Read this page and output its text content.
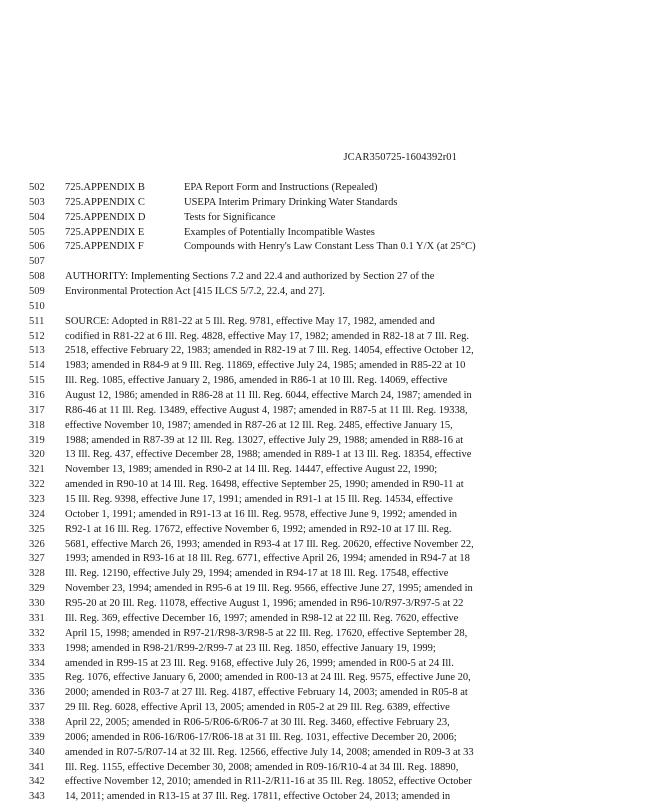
JCAR350725-1604392r01
502	725.APPENDIX B	EPA Report Form and Instructions (Repealed)
503	725.APPENDIX C	USEPA Interim Primary Drinking Water Standards
504	725.APPENDIX D	Tests for Significance
505	725.APPENDIX E	Examples of Potentially Incompatible Wastes
506	725.APPENDIX F	Compounds with Henry's Law Constant Less Than 0.1 Y/X (at 25°C)
507
508	AUTHORITY: Implementing Sections 7.2 and 22.4 and authorized by Section 27 of the
509	Environmental Protection Act [415 ILCS 5/7.2, 22.4, and 27].
510
511	SOURCE: Adopted in R81-22 at 5 Ill. Reg. 9781, effective May 17, 1982, amended and
512	codified in R81-22 at 6 Ill. Reg. 4828, effective May 17, 1982; amended in R82-18 at 7 Ill. Reg.
513	2518, effective February 22, 1983; amended in R82-19 at 7 Ill. Reg. 14054, effective October 12,
514	1983; amended in R84-9 at 9 Ill. Reg. 11869, effective July 24, 1985; amended in R85-22 at 10
515	Ill. Reg. 1085, effective January 2, 1986, amended in R86-1 at 10 Ill. Reg. 14069, effective
316	August 12, 1986; amended in R86-28 at 11 Ill. Reg. 6044, effective March 24, 1987; amended in
317	R86-46 at 11 Ill. Reg. 13489, effective August 4, 1987; amended in R87-5 at 11 Ill. Reg. 19338,
318	effective November 10, 1987; amended in R87-26 at 12 Ill. Reg. 2485, effective January 15,
319	1988; amended in R87-39 at 12 Ill. Reg. 13027, effective July 29, 1988; amended in R88-16 at
320	13 Ill. Reg. 437, effective December 28, 1988; amended in R89-1 at 13 Ill. Reg. 18354, effective
321	November 13, 1989; amended in R90-2 at 14 Ill. Reg. 14447, effective August 22, 1990;
322	amended in R90-10 at 14 Ill. Reg. 16498, effective September 25, 1990; amended in R90-11 at
323	15 Ill. Reg. 9398, effective June 17, 1991; amended in R91-1 at 15 Ill. Reg. 14534, effective
324	October 1, 1991; amended in R91-13 at 16 Ill. Reg. 9578, effective June 9, 1992; amended in
325	R92-1 at 16 Ill. Reg. 17672, effective November 6, 1992; amended in R92-10 at 17 Ill. Reg.
326	5681, effective March 26, 1993; amended in R93-4 at 17 Ill. Reg. 20620, effective November 22,
327	1993; amended in R93-16 at 18 Ill. Reg. 6771, effective April 26, 1994; amended in R94-7 at 18
328	Ill. Reg. 12190, effective July 29, 1994; amended in R94-17 at 18 Ill. Reg. 17548, effective
329	November 23, 1994; amended in R95-6 at 19 Ill. Reg. 9566, effective June 27, 1995; amended in
330	R95-20 at 20 Ill. Reg. 11078, effective August 1, 1996; amended in R96-10/R97-3/R97-5 at 22
331	Ill. Reg. 369, effective December 16, 1997; amended in R98-12 at 22 Ill. Reg. 7620, effective
332	April 15, 1998; amended in R97-21/R98-3/R98-5 at 22 Ill. Reg. 17620, effective September 28,
333	1998; amended in R98-21/R99-2/R99-7 at 23 Ill. Reg. 1850, effective January 19, 1999;
334	amended in R99-15 at 23 Ill. Reg. 9168, effective July 26, 1999; amended in R00-5 at 24 Ill.
335	Reg. 1076, effective January 6, 2000; amended in R00-13 at 24 Ill. Reg. 9575, effective June 20,
336	2000; amended in R03-7 at 27 Ill. Reg. 4187, effective February 14, 2003; amended in R05-8 at
337	29 Ill. Reg. 6028, effective April 13, 2005; amended in R05-2 at 29 Ill. Reg. 6389, effective
338	April 22, 2005; amended in R06-5/R06-6/R06-7 at 30 Ill. Reg. 3460, effective February 23,
339	2006; amended in R06-16/R06-17/R06-18 at 31 Ill. Reg. 1031, effective December 20, 2006;
340	amended in R07-5/R07-14 at 32 Ill. Reg. 12566, effective July 14, 2008; amended in R09-3 at 33
341	Ill. Reg. 1155, effective December 30, 2008; amended in R09-16/R10-4 at 34 Ill. Reg. 18890,
342	effective November 12, 2010; amended in R11-2/R11-16 at 35 Ill. Reg. 18052, effective October
343	14, 2011; amended in R13-15 at 37 Ill. Reg. 17811, effective October 24, 2013; amended in
